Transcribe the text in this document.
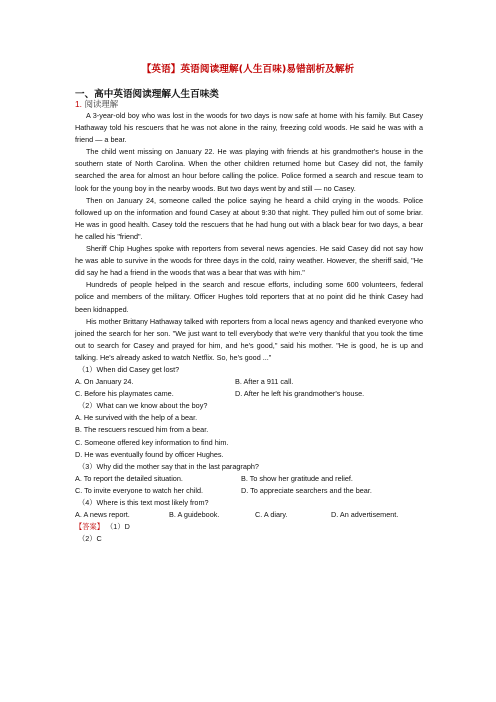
【英语】英语阅读理解(人生百味)易错剖析及解析
一、高中英语阅读理解人生百味类
1. 阅读理解

A 3-year-old boy who was lost in the woods for two days is now safe at home with his family. But Casey Hathaway told his rescuers that he was not alone in the rainy, freezing cold woods. He said he was with a friend — a bear.

The child went missing on January 22. He was playing with friends at his grandmother's house in the southern state of North Carolina. When the other children returned home but Casey did not, the family searched the area for almost an hour before calling the police. Police formed a search and rescue team to look for the young boy in the nearby woods. But two days went by and still — no Casey.

Then on January 24, someone called the police saying he heard a child crying in the woods. Police followed up on the information and found Casey at about 9:30 that night. They pulled him out of some briar. He was in good health. Casey told the rescuers that he had hung out with a black bear for two days, a bear he called his "friend".

Sheriff Chip Hughes spoke with reporters from several news agencies. He said Casey did not say how he was able to survive in the woods for three days in the cold, rainy weather. However, the sheriff said, "He did say he had a friend in the woods that was a bear that was with him."

Hundreds of people helped in the search and rescue efforts, including some 600 volunteers, federal police and members of the military. Officer Hughes told reporters that at no point did he think Casey had been kidnapped.

His mother Brittany Hathaway talked with reporters from a local news agency and thanked everyone who joined the search for her son. "We just want to tell everybody that we're very thankful that you took the time out to search for Casey and prayed for him, and he's good," said his mother. "He is good, he is up and talking. He's already asked to watch Netflix. So, he's good ..."

（1）When did Casey get lost?

A. On January 24.	B. After a 911 call.
C. Before his playmates came.	D. After he left his grandmother's house.

（2）What can we know about the boy?

A. He survived with the help of a bear.

B. The rescuers rescued him from a bear.

C. Someone offered key information to find him.

D. He was eventually found by officer Hughes.

（3）Why did the mother say that in the last paragraph?

A. To report the detailed situation.	B. To show her gratitude and relief.
C. To invite everyone to watch her child.	D. To appreciate searchers and the bear.

（4）Where is this text most likely from?

A. A news report.	B. A guidebook.	C. A diary.	D. An advertisement.

【答案】 （1）D

（2）C
